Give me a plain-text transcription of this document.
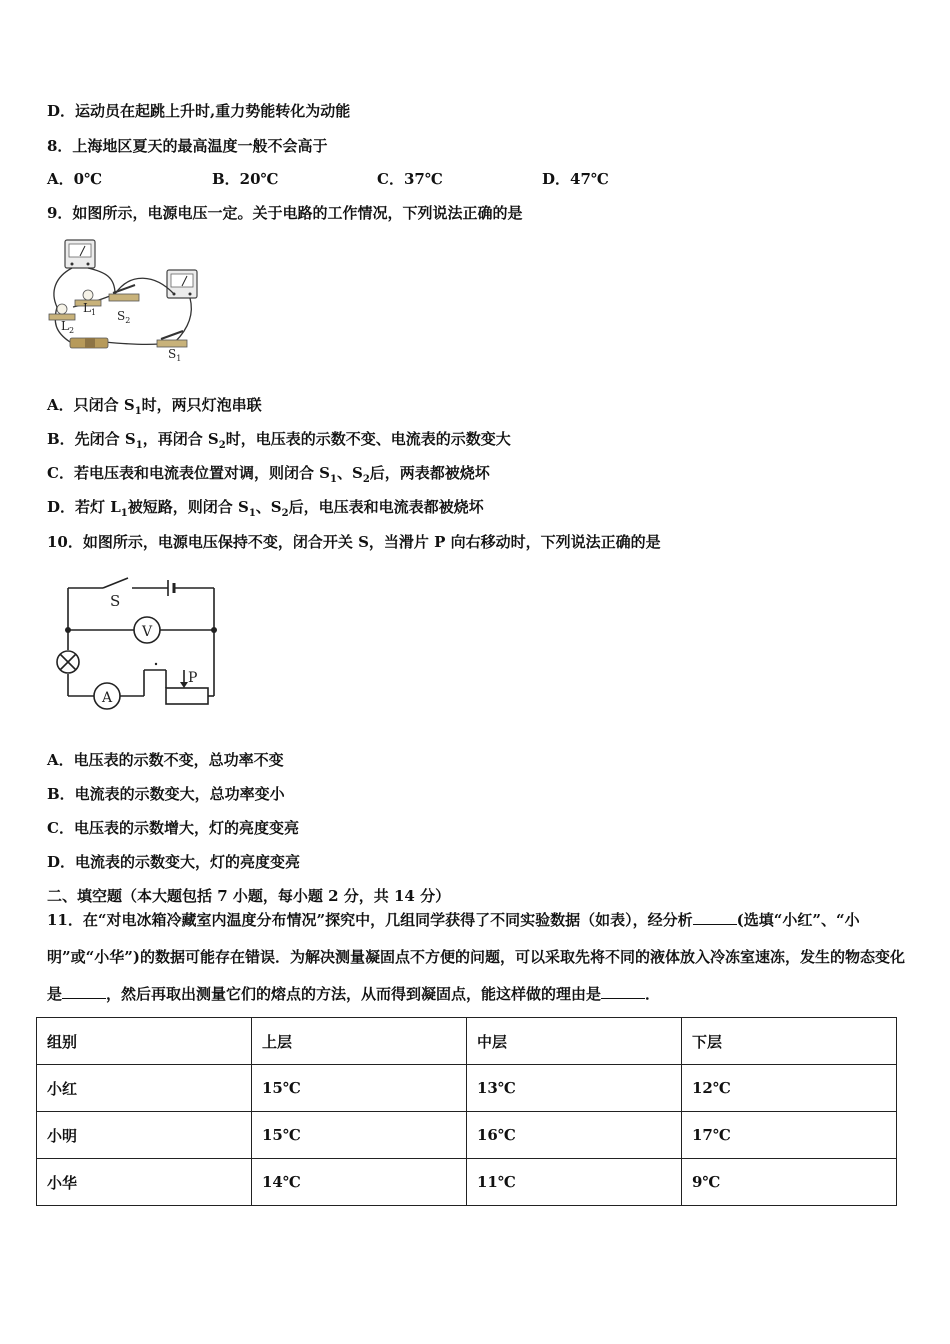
D．运动员在起跳上升时,重力势能转化为动能
8．上海地区夏天的最高温度一般不会高于
A．0℃	B．20℃	C．37℃	D．47℃
9．如图所示，电源电压一定。关于电路的工作情况，下列说法正确的是
$L_1$ $S_2$
$L_2$
$S_1$
A．只闭合 $S_1$时，两只灯泡串联
B．先闭合 $S_1$，再闭合 $S_2$时，电压表的示数不变、电流表的示数变大
C．若电压表和电流表位置对调，则闭合 $S_1$、$S_2$后，两表都被烧坏
D．若灯 $L_1$被短路，则闭合 $S_1$、$S_2$后，电压表和电流表都被烧坏
10．如图所示，电源电压保持不变，闭合开关 S，当滑片 P 向右移动时，下列说法正确的是
S
V
A
P
A．电压表的示数不变，总功率不变
B．电流表的示数变大，总功率变小
C．电压表的示数增大，灯的亮度变亮
D．电流表的示数变大，灯的亮度变亮
二、填空题（本大题包括 7 小题，每小题 2 分，共 14 分）
11．在“对电冰箱冷藏室内温度分布情况”探究中，几组同学获得了不同实验数据（如表），经分析	(选填“小红”、“小明”或“小华”)的数据可能存在错误．为解决测量凝固点不方便的问题，可以采取先将不同的液体放入冷冻室速冻，发生的物态变化是	，然后再取出测量它们的熔点的方法，从而得到凝固点，能这样做的理由是	．
组别	上层	中层	下层
小红	15℃	13℃	12℃
小明	15℃	16℃	17℃
小华	14℃	11℃	9℃
